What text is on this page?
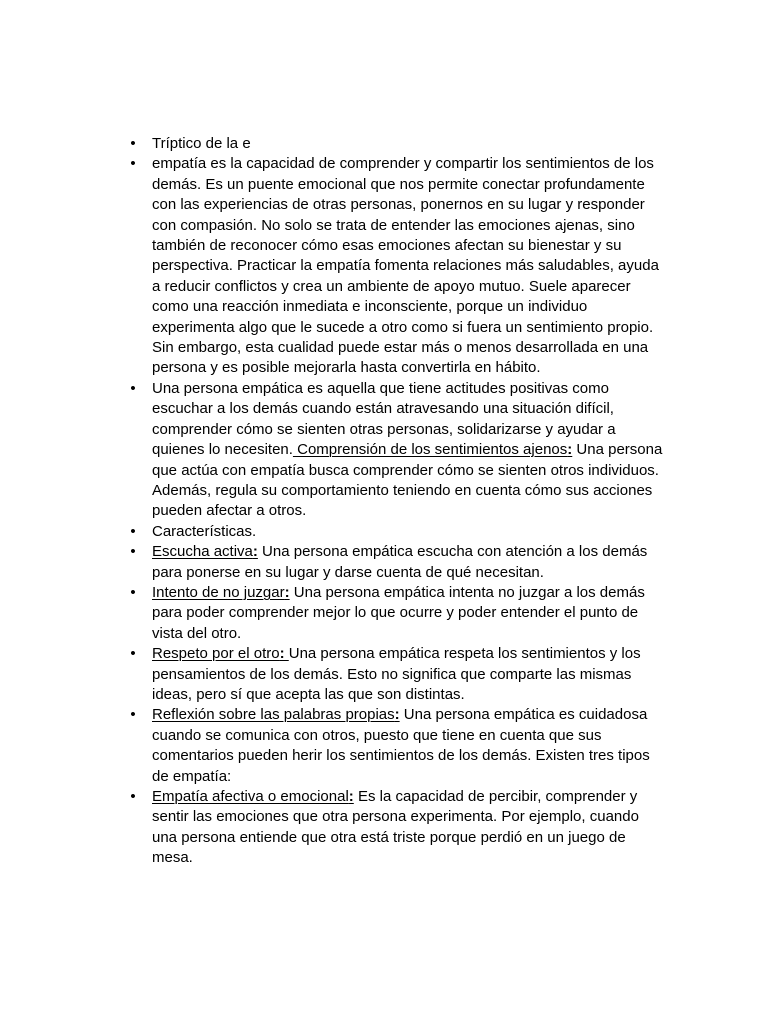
• Tríptico de la e
• empatía es la capacidad de comprender y compartir los sentimientos de los demás. Es un puente emocional que nos permite conectar profundamente con las experiencias de otras personas, ponernos en su lugar y responder con compasión. No solo se trata de entender las emociones ajenas, sino también de reconocer cómo esas emociones afectan su bienestar y su perspectiva. Practicar la empatía fomenta relaciones más saludables, ayuda a reducir conflictos y crea un ambiente de apoyo mutuo. Suele aparecer como una reacción inmediata e inconsciente, porque un individuo experimenta algo que le sucede a otro como si fuera un sentimiento propio. Sin embargo, esta cualidad puede estar más o menos desarrollada en una persona y es posible mejorarla hasta convertirla en hábito.
• Una persona empática es aquella que tiene actitudes positivas como escuchar a los demás cuando están atravesando una situación difícil, comprender cómo se sienten otras personas, solidarizarse y ayudar a quienes lo necesiten. Comprensión de los sentimientos ajenos: Una persona que actúa con empatía busca comprender cómo se sienten otros individuos. Además, regula su comportamiento teniendo en cuenta cómo sus acciones pueden afectar a otros.
• Características.
• Escucha activa: Una persona empática escucha con atención a los demás para ponerse en su lugar y darse cuenta de qué necesitan.
• Intento de no juzgar: Una persona empática intenta no juzgar a los demás para poder comprender mejor lo que ocurre y poder entender el punto de vista del otro.
• Respeto por el otro: Una persona empática respeta los sentimientos y los pensamientos de los demás. Esto no significa que comparte las mismas ideas, pero sí que acepta las que son distintas.
• Reflexión sobre las palabras propias: Una persona empática es cuidadosa cuando se comunica con otros, puesto que tiene en cuenta que sus comentarios pueden herir los sentimientos de los demás. Existen tres tipos de empatía:
• Empatía afectiva o emocional: Es la capacidad de percibir, comprender y sentir las emociones que otra persona experimenta. Por ejemplo, cuando una persona entiende que otra está triste porque perdió en un juego de mesa.
